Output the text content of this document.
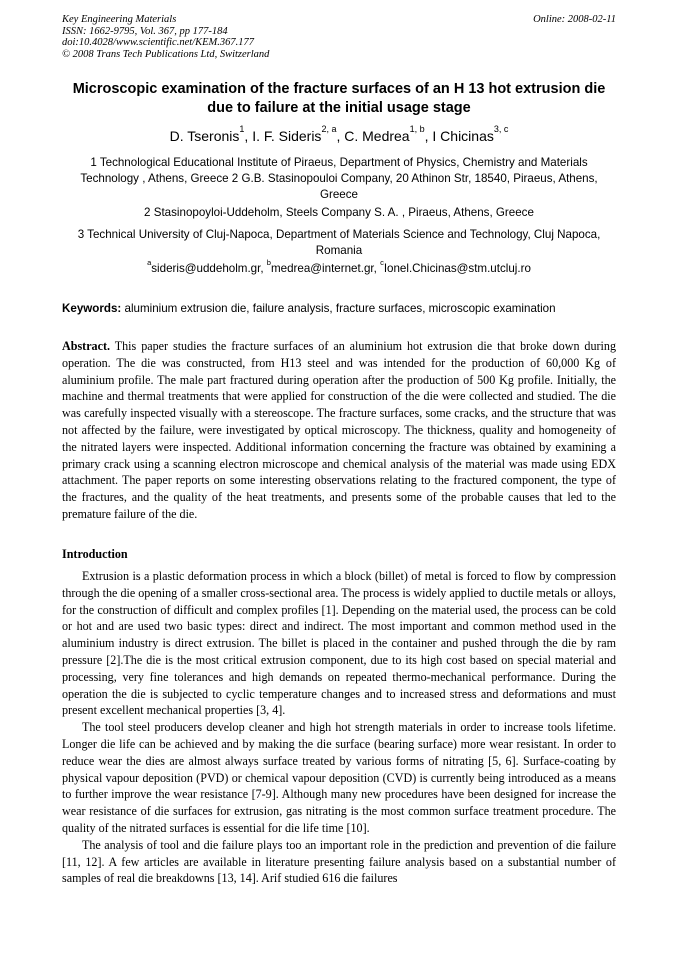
Key Engineering Materials
ISSN: 1662-9795, Vol. 367, pp 177-184
doi:10.4028/www.scientific.net/KEM.367.177
© 2008 Trans Tech Publications Ltd, Switzerland
Online: 2008-02-11
Microscopic examination of the fracture surfaces of an H 13 hot extrusion die due to failure at the initial usage stage
D. Tseronis$^1$, I. F. Sideris$^{2, a}$, C. Medrea$^{1, b}$, I Chicinas$^{3, c}$
1 Technological Educational Institute of Piraeus, Department of Physics, Chemistry and Materials Technology , Athens, Greece 2 G.B. Stasinopouloi Company, 20 Athinon Str, 18540, Piraeus, Athens, Greece
2 Stasinopoyloi-Uddeholm, Steels Company S. A. , Piraeus, Athens, Greece
3 Technical University of Cluj-Napoca, Department of Materials Science and Technology, Cluj Napoca, Romania
$^a$sideris@uddeholm.gr, $^b$medrea@internet.gr, $^c$Ionel.Chicinas@stm.utcluj.ro
Keywords: aluminium extrusion die, failure analysis, fracture surfaces, microscopic examination

Abstract. This paper studies the fracture surfaces of an aluminium hot extrusion die that broke down during operation. The die was constructed, from H13 steel and was intended for the production of 60,000 Kg of aluminium profile. The male part fractured during operation after the production of 500 Kg profile. Initially, the machine and thermal treatments that were applied for construction of the die were collected and studied. The die was carefully inspected visually with a stereoscope. The fracture surfaces, some cracks, and the structure that was not affected by the failure, were investigated by optical microscopy. The thickness, quality and homogeneity of the nitrated layers were inspected. Additional information concerning the fracture was obtained by examining a primary crack using a scanning electron microscope and chemical analysis of the material was made using EDX attachment. The paper reports on some interesting observations relating to the fractured component, the type of the fractures, and the quality of the heat treatments, and presents some of the probable causes that led to the premature failure of the die.

Introduction

Extrusion is a plastic deformation process in which a block (billet) of metal is forced to flow by compression through the die opening of a smaller cross-sectional area. The process is widely applied to ductile metals or alloys, for the construction of difficult and complex profiles [1]. Depending on the material used, the process can be cold or hot and are used two basic types: direct and indirect. The most important and common method used in the aluminium industry is direct extrusion. The billet is placed in the container and pushed through the die by ram pressure [2].The die is the most critical extrusion component, due to its high cost based on special material and processing, very fine tolerances and high demands on repeated thermo-mechanical performance. During the operation the die is subjected to cyclic temperature changes and to increased stress and deformations and must present excellent mechanical properties [3, 4].

The tool steel producers develop cleaner and high hot strength materials in order to increase tools lifetime. Longer die life can be achieved and by making the die surface (bearing surface) more wear resistant. In order to reduce wear the dies are almost always surface treated by various forms of nitrating [5, 6]. Surface-coating by physical vapour deposition (PVD) or chemical vapour deposition (CVD) is currently being introduced as a means to further improve the wear resistance [7-9]. Although many new procedures have been designed for increase the wear resistance of die surfaces for extrusion, gas nitrating is the most common surface treatment procedure. The quality of the nitrated surfaces is essential for die life time [10].

The analysis of tool and die failure plays too an important role in the prediction and prevention of die failure [11, 12]. A few articles are available in literature presenting failure analysis based on a substantial number of samples of real die breakdowns [13, 14]. Arif studied 616 die failures
